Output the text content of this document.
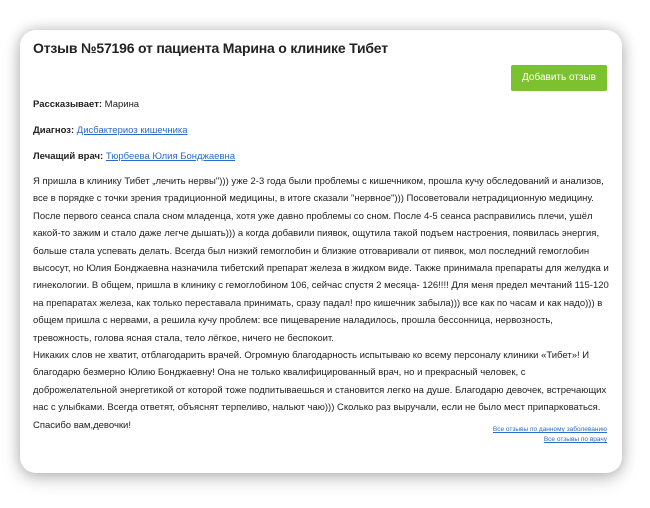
Отзыв №57196 от пациента Марина о клинике Тибет
Добавить отзыв
Рассказывает: Марина
Диагноз: Дисбактериоз кишечника
Лечащий врач: Тюрбеева Юлия Бонджаевна

Я пришла в клинику Тибет „лечить нервы"))) уже 2-3 года были проблемы с кишечником, прошла кучу обследований и анализов, все в порядке с точки зрения традиционной медицины, в итоге сказали "нервное"))) Посоветовали нетрадиционную медицину. После первого сеанса спала сном младенца, хотя уже давно проблемы со сном. После 4-5 сеанса расправились плечи, ушёл какой-то зажим и стало даже легче дышать))) а когда добавили пиявок, ощутила такой подъем настроения, появилась энергия, больше стала успевать делать. Всегда был низкий гемоглобин и близкие отговаривали от пиявок, мол последний гемоглобин высосут, но Юлия Бонджаевна назначила тибетский препарат железа в жидком виде. Также принимала препараты для желудка и гинекологии. В общем, пришла в клинику с гемоглобином 106, сейчас спустя 2 месяца- 126!!!! Для меня предел мечтаний 115-120 на препаратах железа, как только переставала принимать, сразу падал! про кишечник забыла))) все как по часам и как надо))) в общем пришла с нервами, а решила кучу проблем: все пищеварение наладилось, прошла бессонница, нервозность, тревожность, голова ясная стала, тело лёгкое, ничего не беспокоит.

Никаких слов не хватит, отблагодарить врачей. Огромную благодарность испытываю ко всему персоналу клиники «Тибет»! И благодарю безмерно Юлию Бонджаевну! Она не только квалифицированный врач, но и прекрасный человек, с доброжелательной энергетикой от которой тоже подпитываешься и становится легко на душе. Благодарю девочек, встречающих нас с улыбками. Всегда ответят, объяснят терпеливо, нальют чаю))) Сколько раз выручали, если не было мест припарковаться. Спасибо вам,девочки!	Все отзывы по данному заболеванию
Все отзывы по врачу
